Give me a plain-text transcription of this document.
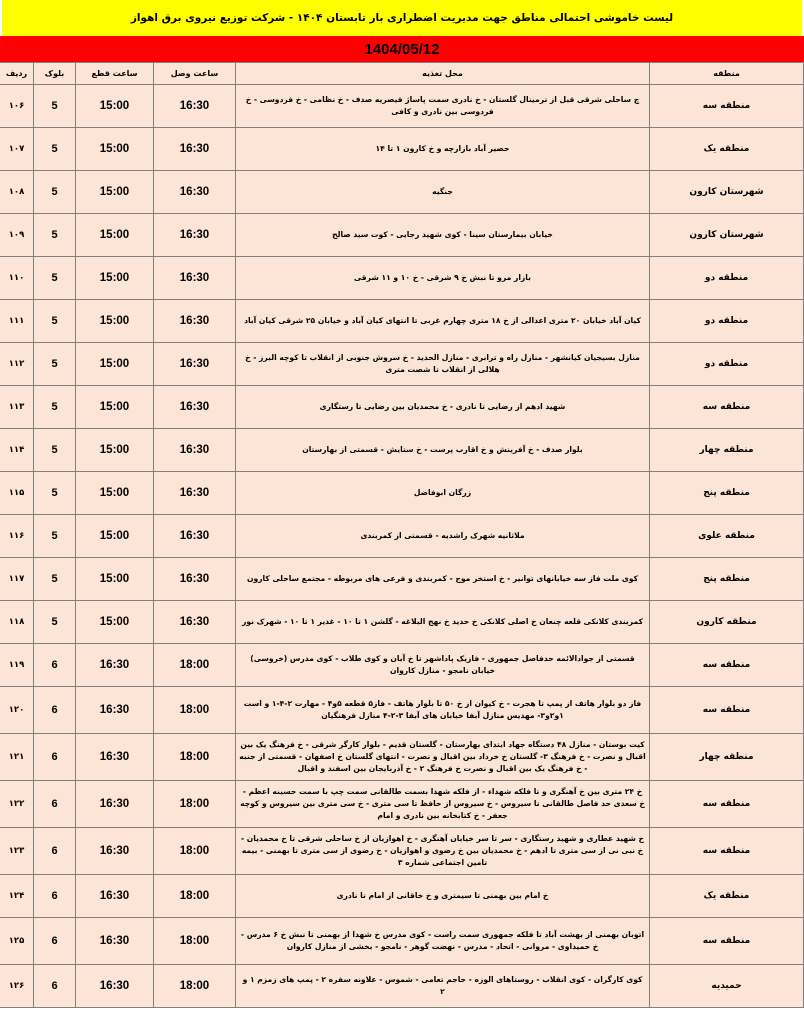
لیست خاموشی احتمالی مناطق جهت مدیریت اضطراری بار تابستان ۱۴۰۴ - شرکت توزیع نیروی برق اهواز
1404/05/12
منطقه	محل تغذیه	ساعت وصل	ساعت قطع	بلوک	ردیف
منطقه سه	چ ساحلی شرقی قبل از ترمینال گلستان - خ نادری سمت پاساژ قیصریه صدف - خ نظامی - خ فردوسی - خ فردوسی بین نادری و کافی	16:30	15:00	5	۱۰۶
منطقه یک	حصیر آباد بازارچه و خ کارون ۱ تا ۱۴	16:30	15:00	5	۱۰۷
شهرستان کارون	جنگیه	16:30	15:00	5	۱۰۸
شهرستان کارون	خیابان بیمارستان سینا - کوی شهید رجایی - کوت سید صالح	16:30	15:00	5	۱۰۹
منطقه دو	بازار مرو تا نبش خ ۹ شرقی - خ ۱۰ و ۱۱ شرقی	16:30	15:00	5	۱۱۰
منطقه دو	کیان آباد خیابان ۲۰ متری اعدالی از خ ۱۸ متری چهارم غربی تا انتهای کیان آباد و خیابان ۲۵ شرقی کیان آباد	16:30	15:00	5	۱۱۱
منطقه دو	منازل بسیجیان کیانشهر - منازل راه و ترابری - منازل الحدید - خ سروش جنوبی از انقلاب تا کوچه البرز - خ هلالی از انقلاب تا شصت متری	16:30	15:00	5	۱۱۲
منطقه سه	شهید ادهم از رضایی تا نادری - خ محمدیان بین رضایی تا رستگاری	16:30	15:00	5	۱۱۳
منطقه چهار	بلوار صدف - خ آفرینش و خ اقارب پرست - خ ستایش - قسمتی از بهارستان	16:30	15:00	5	۱۱۴
منطقه پنج	زرگان ابوفاضل	16:30	15:00	5	۱۱۵
منطقه علوی	ملاثانیه شهرک راشدیه - قسمتی از کمربندی	16:30	15:00	5	۱۱۶
منطقه پنج	کوی ملت فاز سه خیابانهای توانیر - خ استخر موج - کمربندی و فرعی های مربوطه - مجتمع ساحلی کارون	16:30	15:00	5	۱۱۷
منطقه کارون	کمربندی کلانکی قلعه چنعان خ اصلی کلانکی خ حدید خ نهج البلاغه - گلشن ۱ تا ۱۰ - غدیر ۱ تا ۱۰ - شهرک نور	16:30	15:00	5	۱۱۸
منطقه سه	قسمتی از جوادالائمه حدفاصل جمهوری - فازیک پاداشهر تا خ آبان و کوی طلاب - کوی مدرس (خروسی) خیابان نامجو - منازل کاروان	18:00	16:30	6	۱۱۹
منطقه سه	فاز دو بلوار هاتف از پمپ تا هجرت - خ کیوان از خ ۵۰ تا بلوار هاتف - فاز۵ قطعه ۵و۴ - مهارت ۲-۴-۱ و است ۱و۲و۳- مهدیس منازل آبفا خیابان های آبفا ۳-۲-۴ منازل فرهنگیان	18:00	16:30	6	۱۲۰
منطقه چهار	کیت بوستان - منازل ۴۸ دستگاه جهاد ابتدای بهارستان - گلستان قدیم - بلوار کارگر شرقی - خ فرهنگ یک بین اقبال و نصرت - خ فرهنگ ۳- گلستان خ خرداد بین اقبال و نصرت - انتهای گلستان خ اصفهان - قسمتی از جنبه - خ فرهنگ یک بین اقبال و نصرت خ فرهنگ ۲ - خ آذربایجان بین اسفند و اقبال	18:00	16:30	6	۱۲۱
منطقه سه	خ ۲۴ متری بین خ آهنگری و تا فلکه شهداء - از فلکه شهدا بسمت طالقانی سمت چپ با سمت حسینه اعظم - خ سعدی حد فاصل طالقانی تا سیروس - خ سیروس از حافظ تا سی متری - خ سی متری بین سیروس و کوچه جعفر - خ کتابخانه بین نادری و امام	18:00	16:30	6	۱۲۲
منطقه سه	خ شهید عطاری و شهید رستگاری - سر تا سر خیابان آهنگری - خ اهوازیان از خ ساحلی شرقی تا خ محمدیان - خ نبی نی از سی متری تا ادهم - خ محمدیان بین خ رضوی و اهوازیان - خ رضوی از سی متری تا بهمنی - بیمه تامین اجتماعی شماره ۳	18:00	16:30	6	۱۲۳
منطقه یک	خ امام بین بهمنی تا سیمتری و خ خاقانی از امام تا نادری	18:00	16:30	6	۱۲۴
منطقه سه	اتوبان بهمنی از بهشت آباد تا فلکه جمهوری سمت راست - کوی مدرس خ شهدا از بهمنی تا نبش خ ۶ مدرس - خ حمیداوی - مروانی - اتحاد - مدرس - نهضت گوهر - نامجو - بخشی از منازل کاروان	18:00	16:30	6	۱۲۵
حمیدیه	کوی کارگران - کوی انقلاب - روستاهای الوزه - حاجم تعامی - شموس - علاونه سفره ۲ - پمپ های زمزم ۱ و ۲	18:00	16:30	6	۱۲۶
